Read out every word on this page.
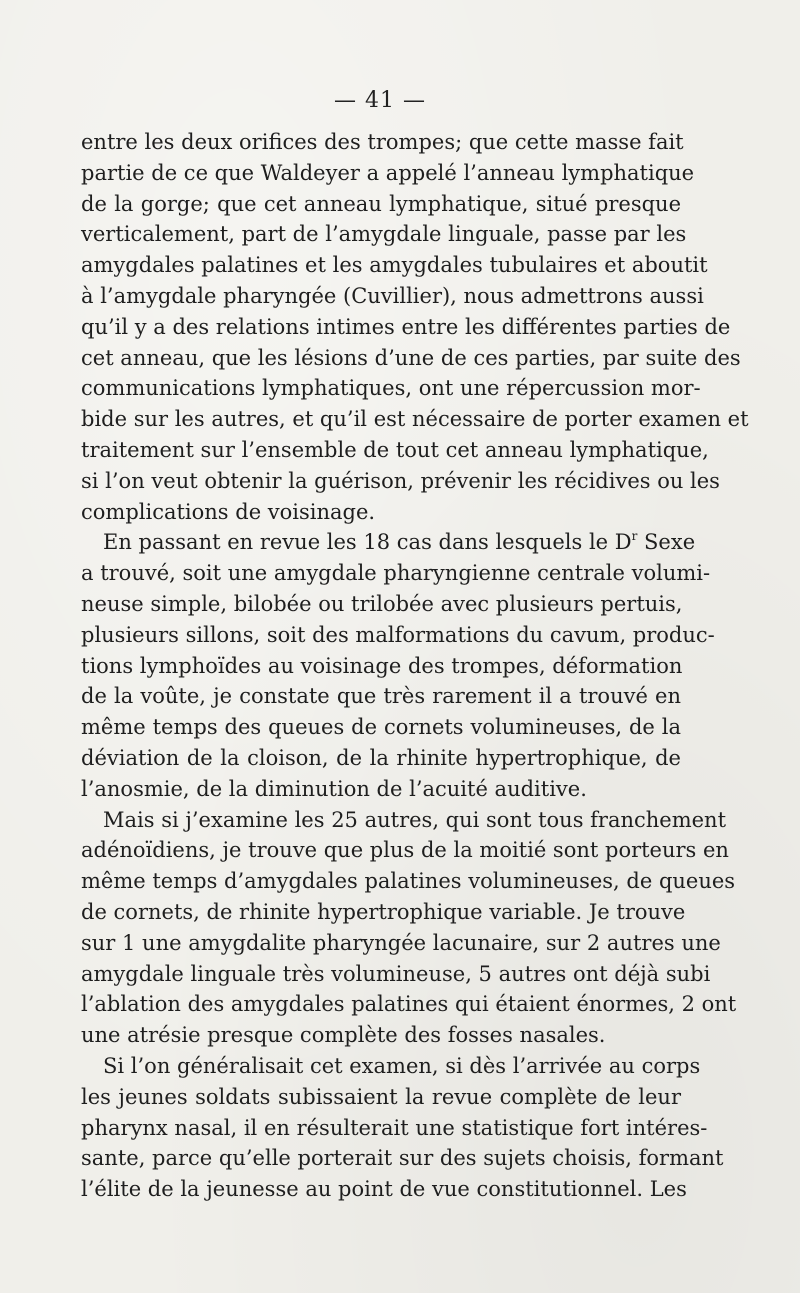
— 41 —
entre les deux orifices des trompes; que cette masse fait
partie de ce que Waldeyer a appelé l’anneau lymphatique
de la gorge; que cet anneau lymphatique, situé presque
verticalement, part de l’amygdale linguale, passe par les
amygdales palatines et les amygdales tubulaires et aboutit
à l’amygdale pharyngée (Cuvillier), nous admettrons aussi
qu’il y a des relations intimes entre les différentes parties de
cet anneau, que les lésions d’une de ces parties, par suite des
communications lymphatiques, ont une répercussion mor-
bide sur les autres, et qu’il est nécessaire de porter examen et
traitement sur l’ensemble de tout cet anneau lymphatique,
si l’on veut obtenir la guérison, prévenir les récidives ou les
complications de voisinage.
En passant en revue les 18 cas dans lesquels le $D^r$ Sexe
a trouvé, soit une amygdale pharyngienne centrale volumi-
neuse simple, bilobée ou trilobée avec plusieurs pertuis,
plusieurs sillons, soit des malformations du cavum, produc-
tions lymphoïdes au voisinage des trompes, déformation
de la voûte, je constate que très rarement il a trouvé en
même temps des queues de cornets volumineuses, de la
déviation de la cloison, de la rhinite hypertrophique, de
l’anosmie, de la diminution de l’acuité auditive.
Mais si j’examine les 25 autres, qui sont tous franchement
adénoïdiens, je trouve que plus de la moitié sont porteurs en
même temps d’amygdales palatines volumineuses, de queues
de cornets, de rhinite hypertrophique variable. Je trouve
sur 1 une amygdalite pharyngée lacunaire, sur 2 autres une
amygdale linguale très volumineuse, 5 autres ont déjà subi
l’ablation des amygdales palatines qui étaient énormes, 2 ont
une atrésie presque complète des fosses nasales.
Si l’on généralisait cet examen, si dès l’arrivée au corps
les jeunes soldats subissaient la revue complète de leur
pharynx nasal, il en résulterait une statistique fort intéres-
sante, parce qu’elle porterait sur des sujets choisis, formant
l’élite de la jeunesse au point de vue constitutionnel. Les
